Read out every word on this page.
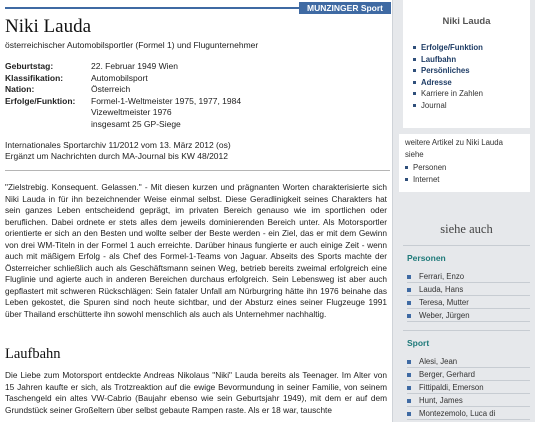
MUNZINGER Sport
Niki Lauda
österreichischer Automobilsportler (Formel 1) und Flugunternehmer
Geburtstag:	22. Februar 1949 Wien
Klassifikation:	Automobilsport
Nation:	Österreich
Erfolge/Funktion: Formel-1-Weltmeister 1975, 1977, 1984
Vizeweltmeister 1976
insgesamt 25 GP-Siege
Internationales Sportarchiv 11/2012 vom 13. März 2012 (os)
Ergänzt um Nachrichten durch MA-Journal bis KW 48/2012

"Zielstrebig. Konsequent. Gelassen." - Mit diesen kurzen und prägnanten Worten charakterisierte sich Niki Lauda in für ihn bezeichnender Weise einmal selbst. Diese Geradlinigkeit seines Charakters hat sein ganzes Leben entscheidend geprägt, im privaten Bereich genauso wie im sportlichen oder beruflichen. Dabei ordnete er stets alles dem jeweils dominierenden Bereich unter. Als Motorsportler orientierte er sich an den Besten und wollte selber der Beste werden - ein Ziel, das er mit dem Gewinn von drei WM-Titeln in der Formel 1 auch erreichte. Darüber hinaus fungierte er auch einige Zeit - wenn auch mit mäßigem Erfolg - als Chef des Formel-1-Teams von Jaguar. Abseits des Sports machte der Österreicher schließlich auch als Geschäftsmann seinen Weg, betrieb bereits zweimal erfolgreich eine Fluglinie und agierte auch in anderen Bereichen durchaus erfolgreich. Sein Lebensweg ist aber auch gepflastert mit schweren Rückschlägen: Sein fataler Unfall am Nürburgring hätte ihn 1976 beinahe das Leben gekostet, die Spuren sind noch heute sichtbar, und der Absturz eines seiner Flugzeuge 1991 über Thailand erschütterte ihn sowohl menschlich als auch als Unternehmer nachhaltig.

Laufbahn

Die Liebe zum Motorsport entdeckte Andreas Nikolaus "Niki" Lauda bereits als Teenager. Im Alter von 15 Jahren kaufte er sich, als Trotzreaktion auf die ewige Bevormundung in seiner Familie, von seinem Taschengeld ein altes VW-Cabrio (Baujahr ebenso wie sein Geburtsjahr 1949), mit dem er auf dem Grundstück seiner Großeltern über selbst gebaute Rampen raste. Als er 18 war, tauschte

Niki Lauda
Erfolge/Funktion
Laufbahn
Persönliches
Adresse
Karriere in Zahlen
Journal
weitere Artikel zu Niki Lauda siehe
Personen
Internet
siehe auch
Personen
Ferrari, Enzo
Lauda, Hans
Teresa, Mutter
Weber, Jürgen
Sport
Alesi, Jean
Berger, Gerhard
Fittipaldi, Emerson
Hunt, James
Montezemolo, Luca di
